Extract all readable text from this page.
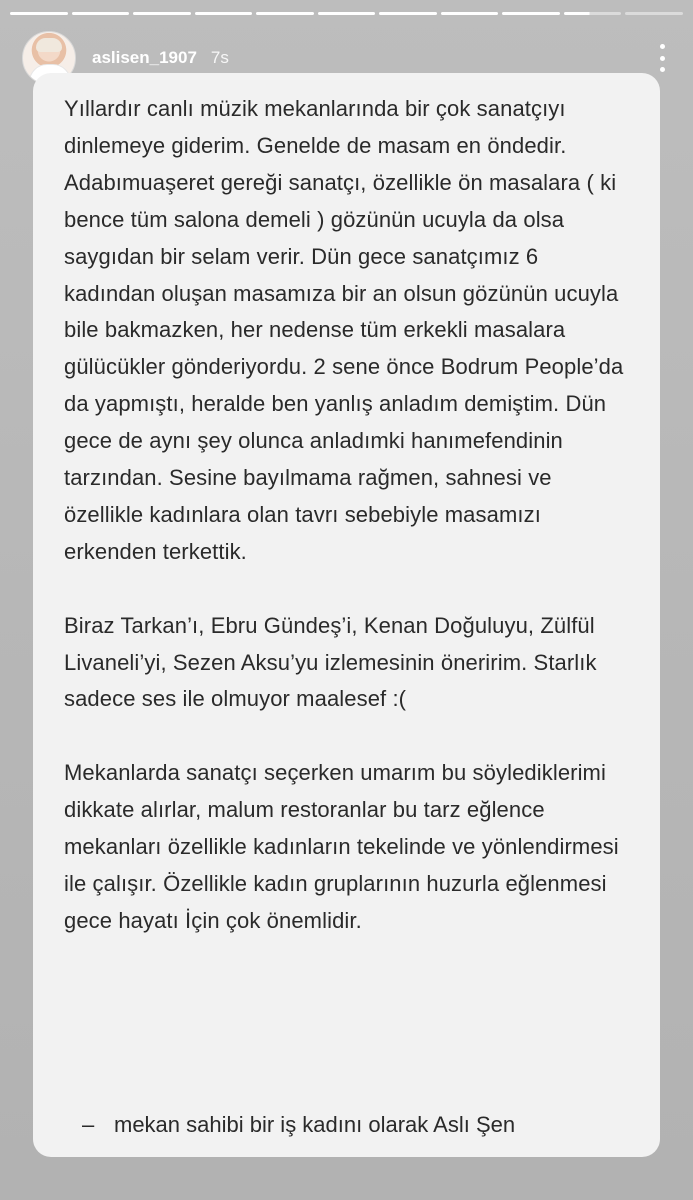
aslisen_1907 7s

Yıllardır canlı müzik mekanlarında bir çok sanatçıyı dinlemeye giderim. Genelde de masam en öndedir. Adabımuaşeret gereği sanatçı, özellikle ön masalara ( ki bence tüm salona demeli ) gözünün ucuyla da olsa saygıdan bir selam verir. Dün gece sanatçımız 6 kadından oluşan masamıza bir an olsun gözünün ucuyla bile bakmazken, her nedense tüm erkekli masalara gülücükler gönderiyordu. 2 sene önce Bodrum People’da da yapmıştı, heralde ben yanlış anladım demiştim. Dün gece de aynı şey olunca anladımki hanımefendinin tarzından. Sesine bayılmama rağmen, sahnesi ve özellikle kadınlara olan tavrı sebebiyle masamızı erkenden terkettik.

Biraz Tarkan’ı, Ebru Gündeş’i, Kenan Doğuluyu, Zülfül Livaneli’yi, Sezen Aksu’yu izlemesinin öneririm. Starlık sadece ses ile olmuyor maalesef :(

Mekanlarda sanatçı seçerken umarım bu söylediklerimi dikkate alırlar, malum restoranlar bu tarz eğlence mekanları özellikle kadınların tekelinde ve yönlendirmesi ile çalışır. Özellikle kadın gruplarının huzurla eğlenmesi gece hayatı İçin çok önemlidir.

– mekan sahibi bir iş kadını olarak Aslı Şen
